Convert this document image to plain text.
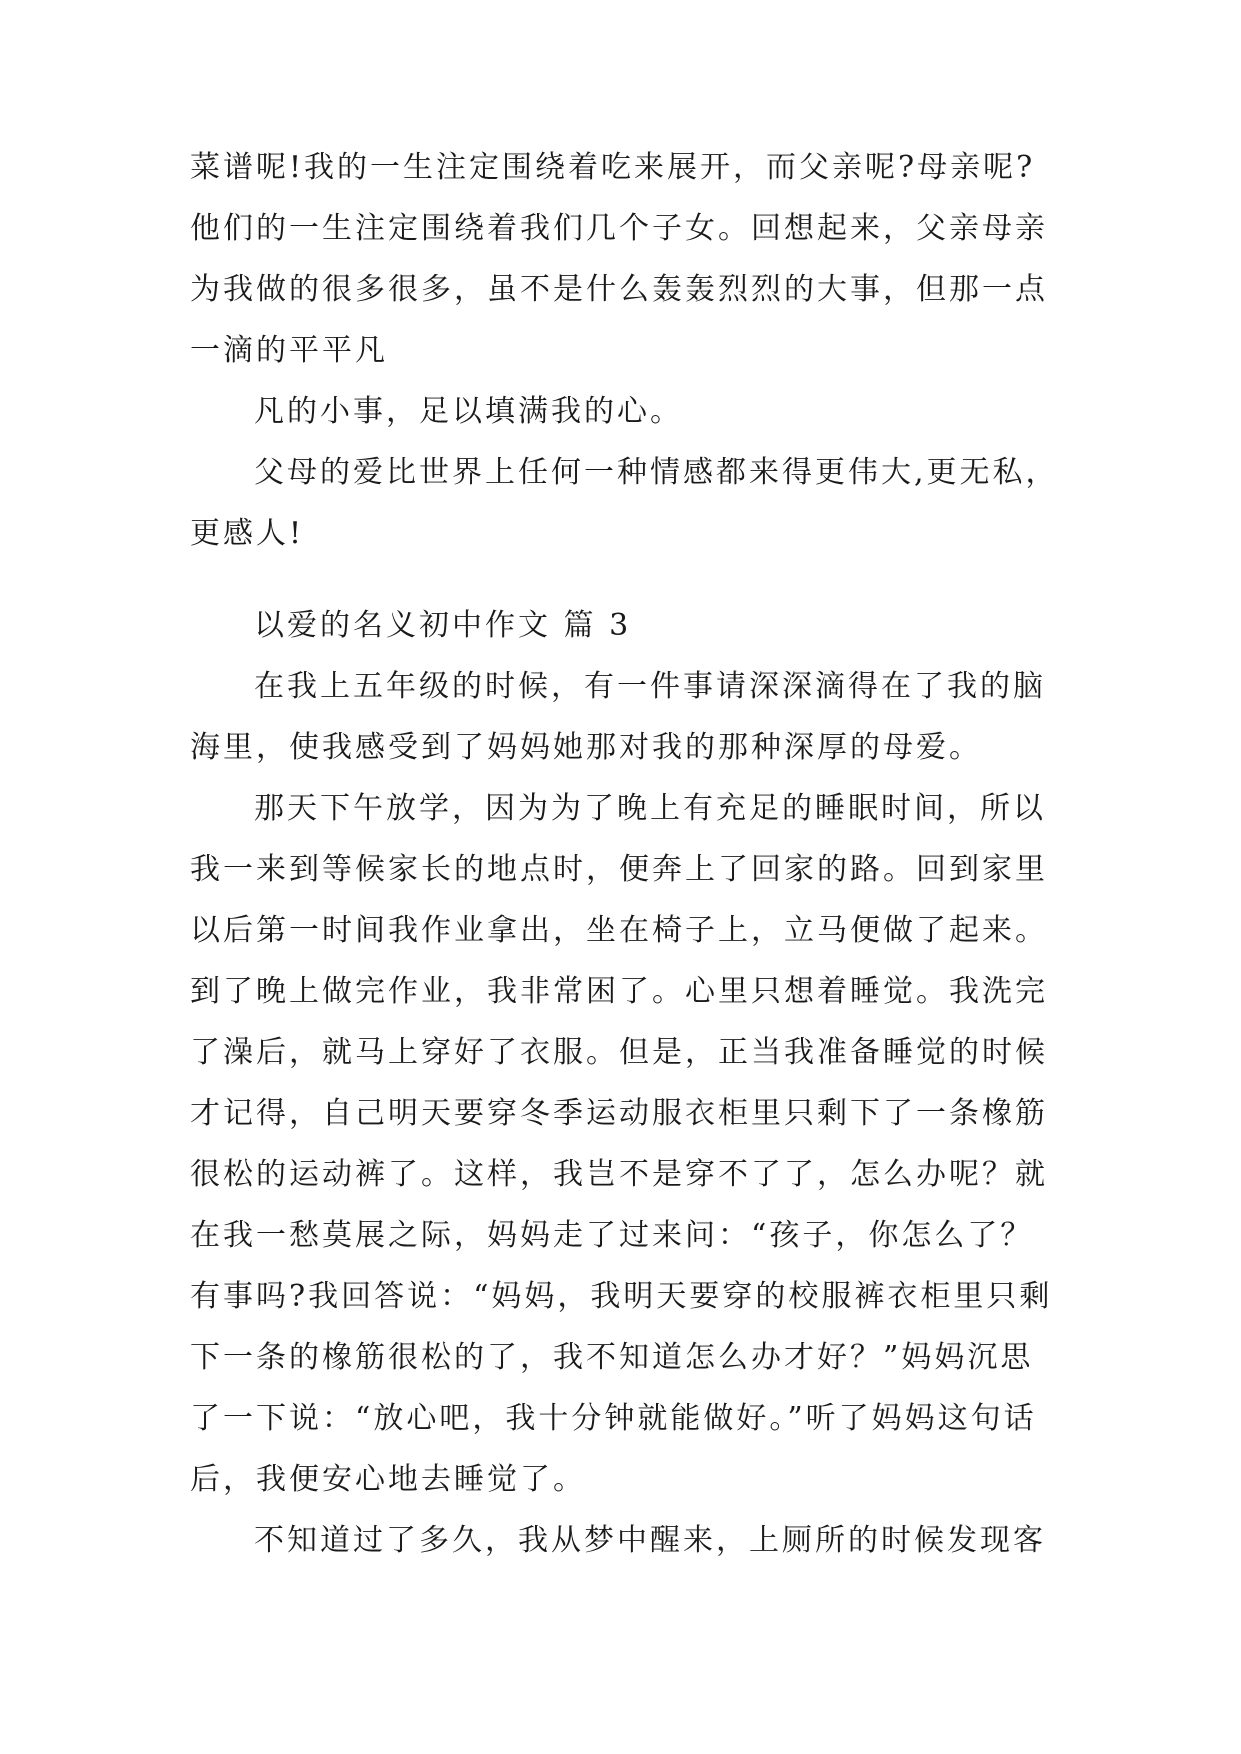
菜谱呢!我的一生注定围绕着吃来展开，而父亲呢?母亲呢?
他们的一生注定围绕着我们几个子女。回想起来，父亲母亲
为我做的很多很多，虽不是什么轰轰烈烈的大事，但那一点
一滴的平平凡

凡的小事，足以填满我的心。

父母的爱比世界上任何一种情感都来得更伟大,更无私，
更感人!

以爱的名义初中作文 篇 3

在我上五年级的时候，有一件事请深深滴得在了我的脑
海里，使我感受到了妈妈她那对我的那种深厚的母爱。

那天下午放学，因为为了晚上有充足的睡眠时间，所以
我一来到等候家长的地点时，便奔上了回家的路。回到家里
以后第一时间我作业拿出，坐在椅子上，立马便做了起来。
到了晚上做完作业，我非常困了。心里只想着睡觉。我洗完
了澡后，就马上穿好了衣服。但是，正当我准备睡觉的时候
才记得，自己明天要穿冬季运动服衣柜里只剩下了一条橡筋
很松的运动裤了。这样，我岂不是穿不了了，怎么办呢？就
在我一愁莫展之际，妈妈走了过来问：“孩子，你怎么了？
有事吗?我回答说：“妈妈，我明天要穿的校服裤衣柜里只剩
下一条的橡筋很松的了，我不知道怎么办才好？”妈妈沉思
了一下说：“放心吧，我十分钟就能做好。”听了妈妈这句话
后，我便安心地去睡觉了。

不知道过了多久，我从梦中醒来，上厕所的时候发现客
